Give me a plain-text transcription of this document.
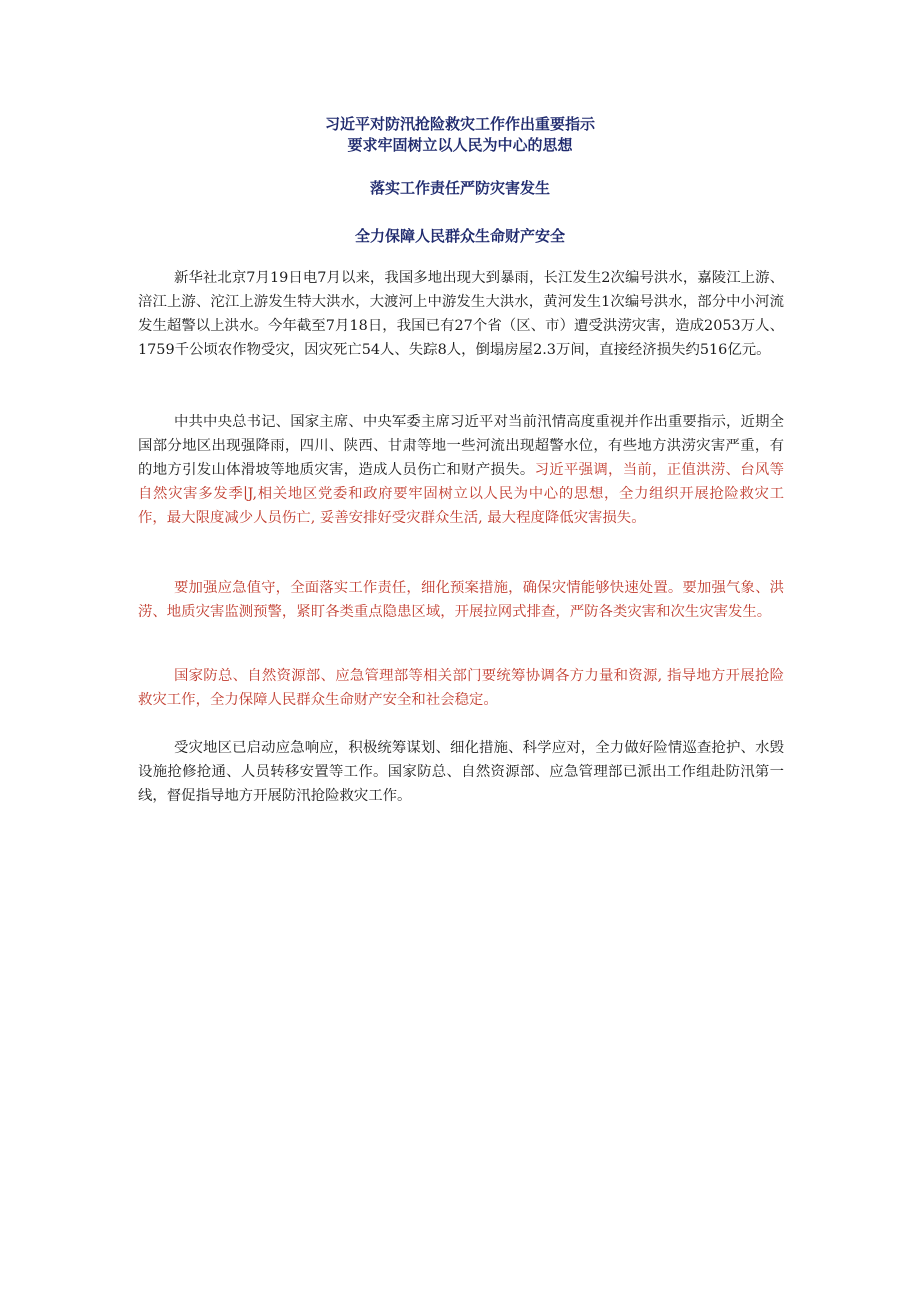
习近平对防汛抢险救灾工作作出重要指示
要求牢固树立以人民为中心的思想
落实工作责任严防灾害发生
全力保障人民群众生命财产安全

新华社北京7月19日电7月以来，我国多地出现大到暴雨，长江发生2次编号洪水，嘉陵江上游、涪江上游、沱江上游发生特大洪水，大渡河上中游发生大洪水，黄河发生1次编号洪水，部分中小河流发生超警以上洪水。今年截至7月18日，我国已有27个省（区、市）遭受洪涝灾害，造成2053万人、1759千公顷农作物受灾，因灾死亡54人、失踪8人，倒塌房屋2.3万间，直接经济损失约516亿元。

中共中央总书记、国家主席、中央军委主席习近平对当前汛情高度重视并作出重要指示，近期全国部分地区出现强降雨，四川、陕西、甘肃等地一些河流出现超警水位，有些地方洪涝灾害严重，有的地方引发山体滑坡等地质灾害，造成人员伤亡和财产损失。习近平强调，当前，正值洪涝、台风等自然灾害多发季∣J,相关地区党委和政府要牢固树立以人民为中心的思想，全力组织开展抢险救灾工作，最大限度减少人员伤亡, 妥善安排好受灾群众生活, 最大程度降低灾害损失。

要加强应急值守，全面落实工作责任，细化预案措施，确保灾情能够快速处置。要加强气象、洪涝、地质灾害监测预警，紧盯各类重点隐患区域，开展拉网式排查，严防各类灾害和次生灾害发生。

国家防总、自然资源部、应急管理部等相关部门要统筹协调各方力量和资源, 指导地方开展抢险救灾工作，全力保障人民群众生命财产安全和社会稳定。

受灾地区已启动应急响应，积极统筹谋划、细化措施、科学应对，全力做好险情巡查抢护、水毁设施抢修抢通、人员转移安置等工作。国家防总、自然资源部、应急管理部已派出工作组赴防汛第一线，督促指导地方开展防汛抢险救灾工作。
